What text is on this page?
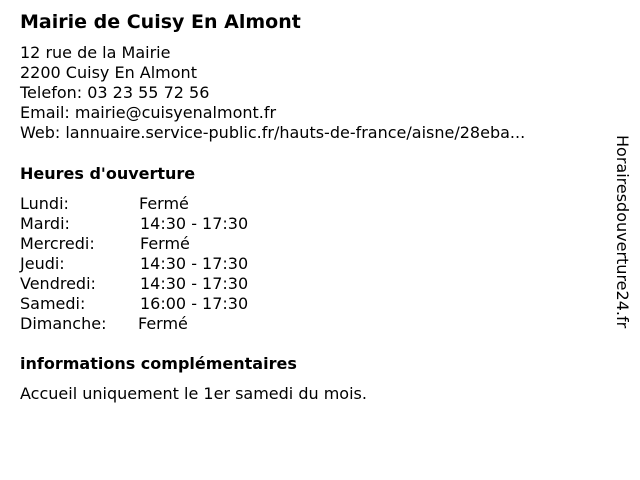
Mairie de Cuisy En Almont
12 rue de la Mairie
2200 Cuisy En Almont
Telefon: 03 23 55 72 56
Email: mairie@cuisyenalmont.fr
Web: lannuaire.service-public.fr/hauts-de-france/aisne/28eba...
Heures d'ouverture
Lundi:	Fermé
Mardi:	14:30 - 17:30
Mercredi:	Fermé
Jeudi:	14:30 - 17:30
Vendredi:	14:30 - 17:30
Samedi:	16:00 - 17:30
Dimanche: Fermé
informations complémentaires
Accueil uniquement le 1er samedi du mois.
Horairesdouverture24.fr
